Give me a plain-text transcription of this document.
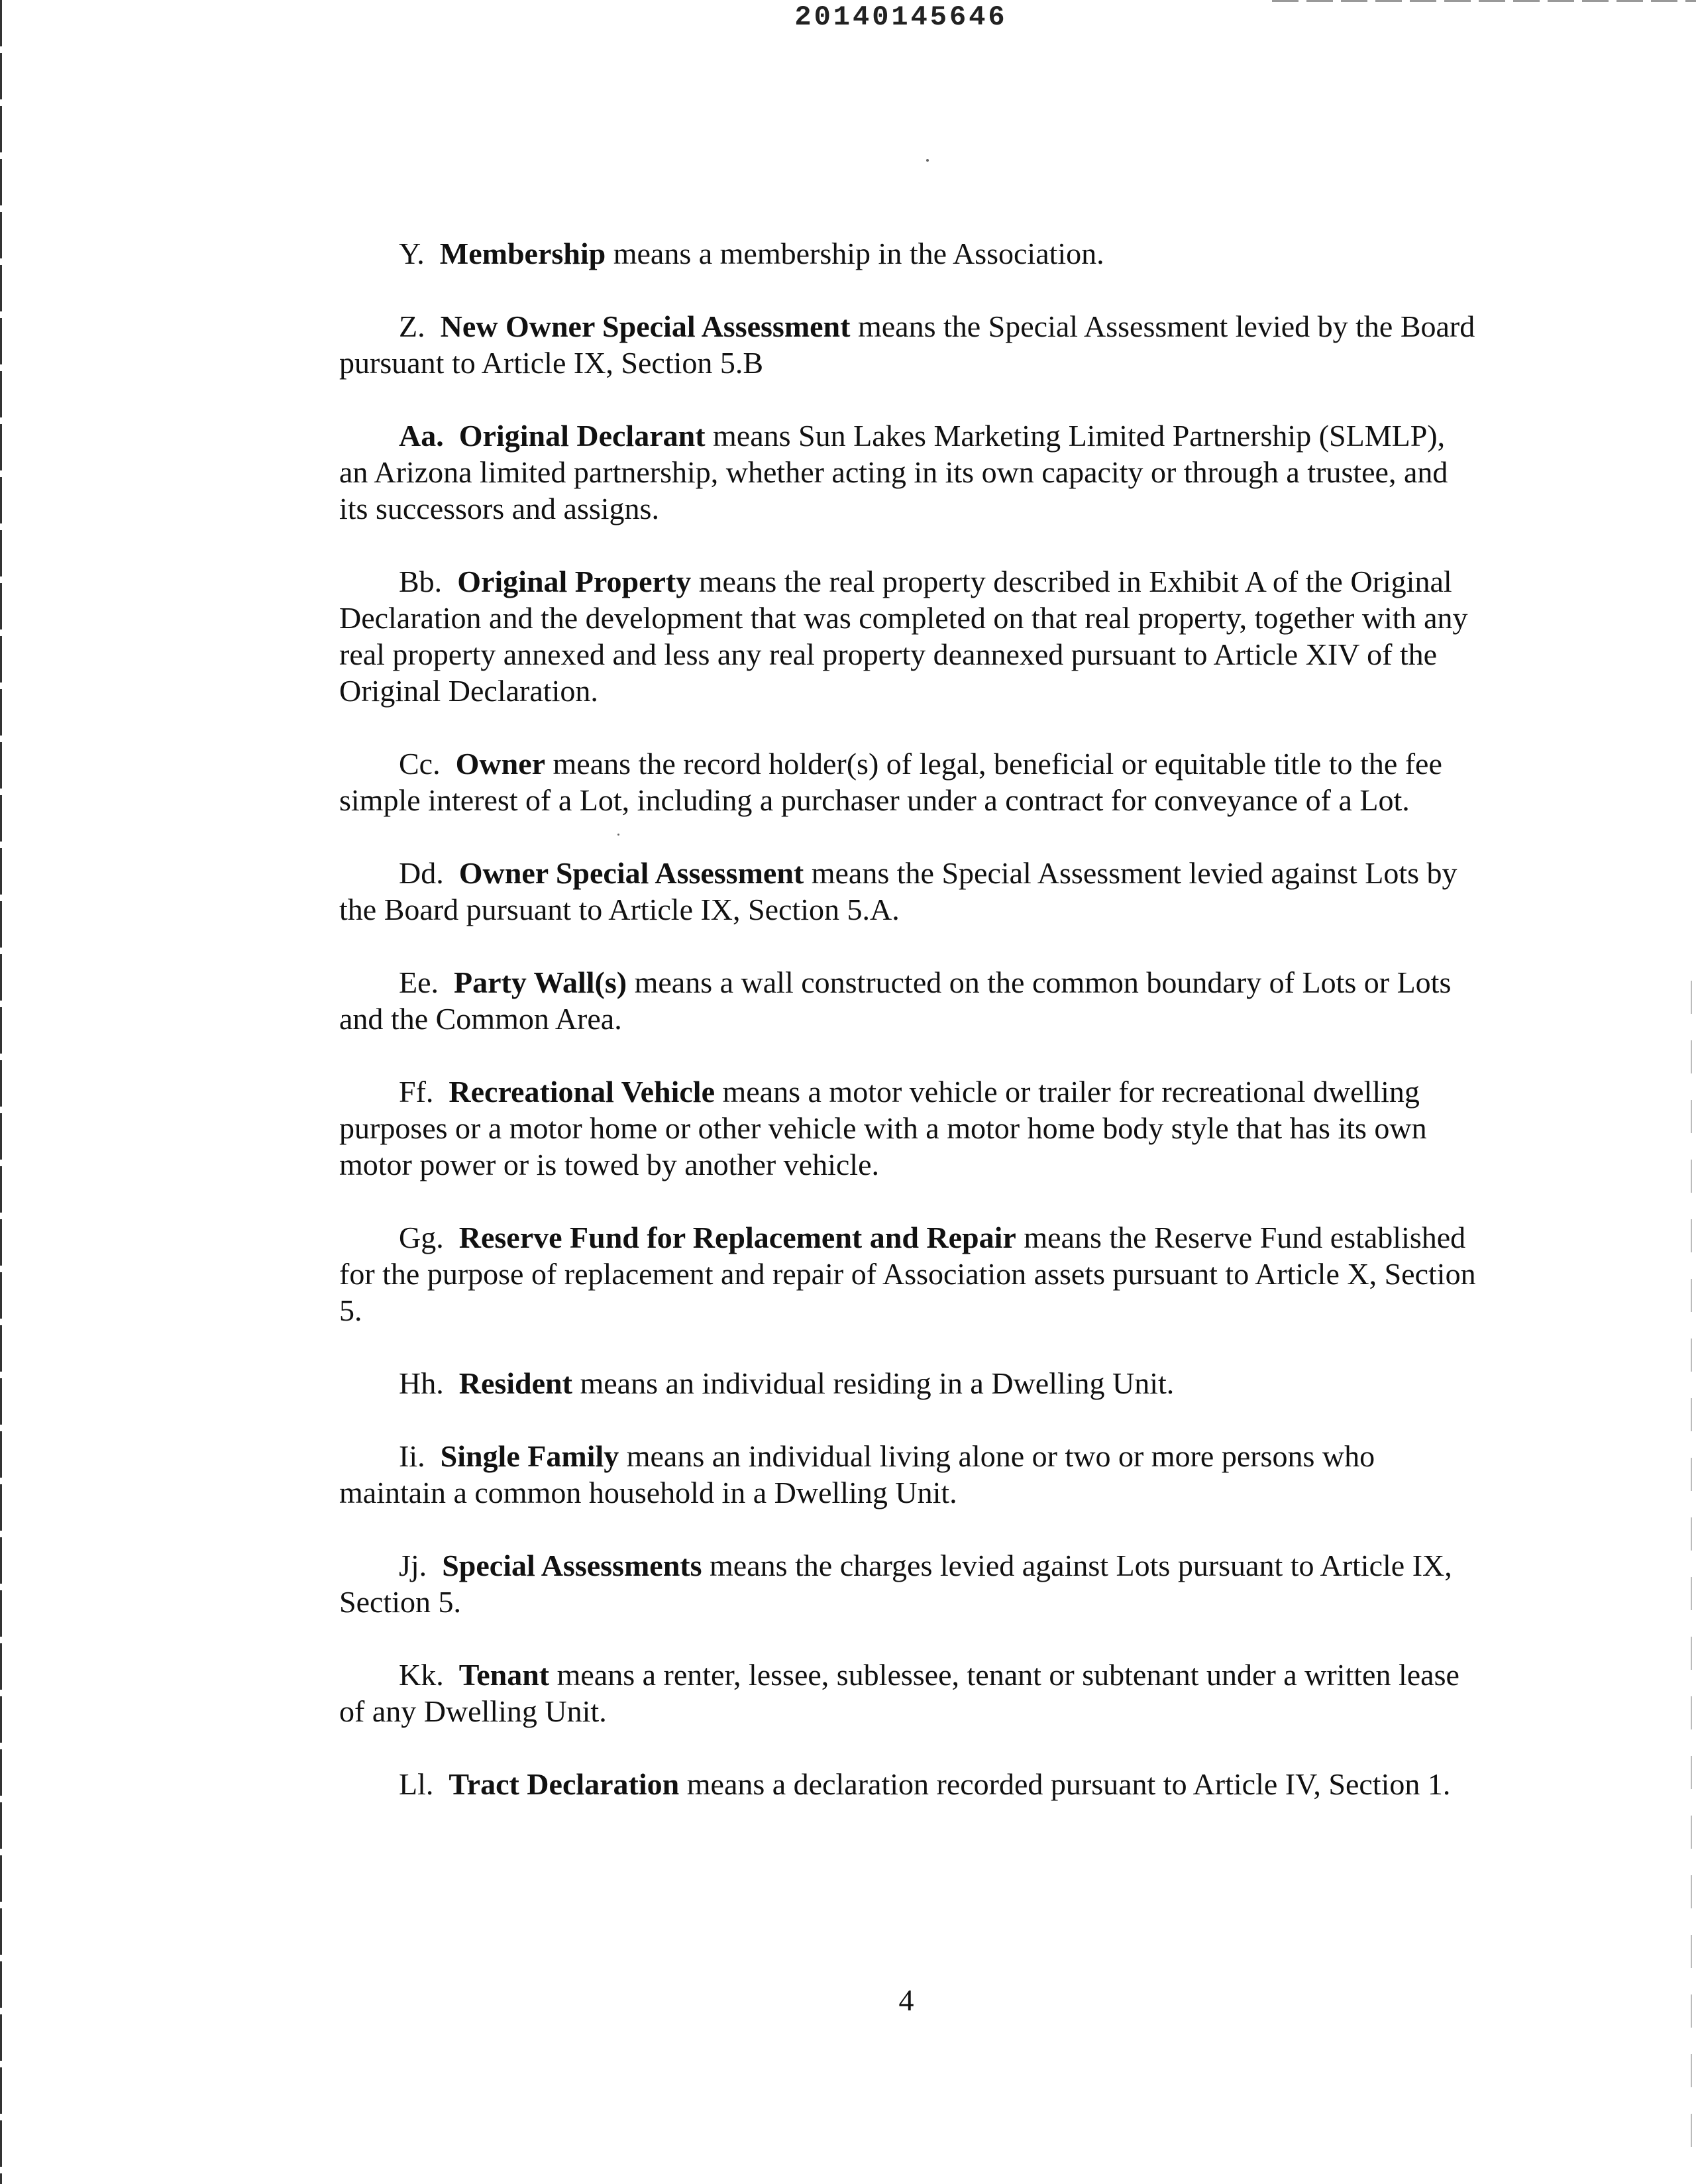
20140145646

Y. Membership means a membership in the Association.

Z. New Owner Special Assessment means the Special Assessment levied by the Board pursuant to Article IX, Section 5.B

Aa. Original Declarant means Sun Lakes Marketing Limited Partnership (SLMLP), an Arizona limited partnership, whether acting in its own capacity or through a trustee, and its successors and assigns.

Bb. Original Property means the real property described in Exhibit A of the Original Declaration and the development that was completed on that real property, together with any real property annexed and less any real property deannexed pursuant to Article XIV of the Original Declaration.

Cc. Owner means the record holder(s) of legal, beneficial or equitable title to the fee simple interest of a Lot, including a purchaser under a contract for conveyance of a Lot.

Dd. Owner Special Assessment means the Special Assessment levied against Lots by the Board pursuant to Article IX, Section 5.A.

Ee. Party Wall(s) means a wall constructed on the common boundary of Lots or Lots and the Common Area.

Ff. Recreational Vehicle means a motor vehicle or trailer for recreational dwelling purposes or a motor home or other vehicle with a motor home body style that has its own motor power or is towed by another vehicle.

Gg. Reserve Fund for Replacement and Repair means the Reserve Fund established for the purpose of replacement and repair of Association assets pursuant to Article X, Section 5.

Hh. Resident means an individual residing in a Dwelling Unit.

Ii. Single Family means an individual living alone or two or more persons who maintain a common household in a Dwelling Unit.

Jj. Special Assessments means the charges levied against Lots pursuant to Article IX, Section 5.

Kk. Tenant means a renter, lessee, sublessee, tenant or subtenant under a written lease of any Dwelling Unit.

Ll. Tract Declaration means a declaration recorded pursuant to Article IV, Section 1.

4
